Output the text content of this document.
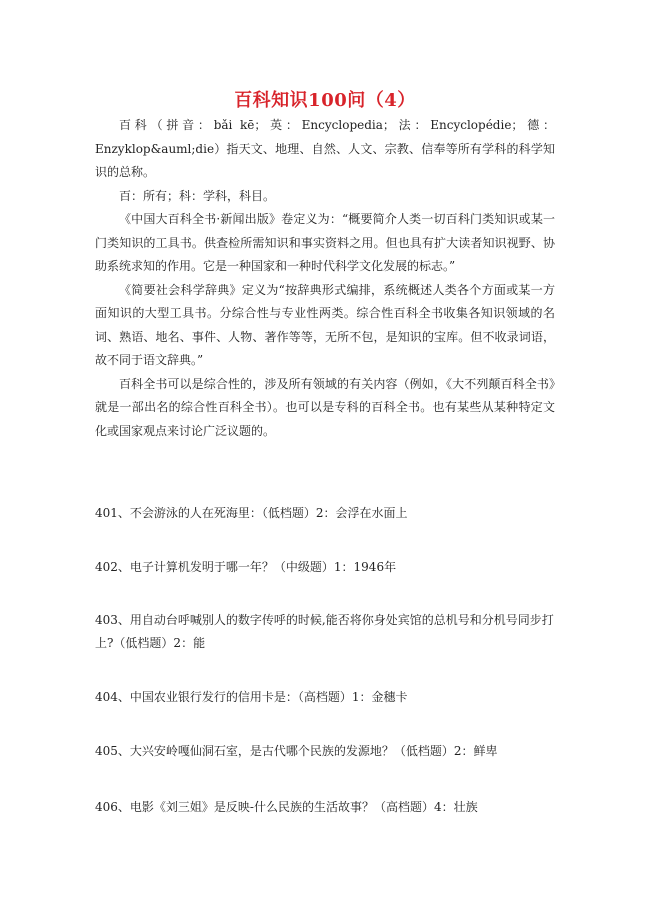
百科知识100问（4）

百科（拼音：bǎi kē；英：Encyclopedia；法：Encyclopédie；德：

Enzyklop&auml;die）指天文、地理、自然、人文、宗教、信奉等所有学科的科学知识的总称。

百：所有；科：学科，科目。

《中国大百科全书·新闻出版》卷定义为：“概要简介人类一切百科门类知识或某一门类知识的工具书。供查检所需知识和事实资料之用。但也具有扩大读者知识视野、协助系统求知的作用。它是一种国家和一种时代科学文化发展的标志。”

《简要社会科学辞典》定义为“按辞典形式编排，系统概述人类各个方面或某一方面知识的大型工具书。分综合性与专业性两类。综合性百科全书收集各知识领域的名词、熟语、地名、事件、人物、著作等等，无所不包，是知识的宝库。但不收录词语，故不同于语文辞典。”

百科全书可以是综合性的，涉及所有领域的有关内容（例如，《大不列颠百科全书》就是一部出名的综合性百科全书）。也可以是专科的百科全书。也有某些从某种特定文化或国家观点来讨论广泛议题的。

401、不会游泳的人在死海里：（低档题）2：会浮在水面上
402、电子计算机发明于哪一年？（中级题）1：1946年
403、用自动台呼喊别人的数字传呼的时候,能否将你身处宾馆的总机号和分机号同步打上?（低档题）2：能
404、中国农业银行发行的信用卡是：（高档题）1：金穗卡
405、大兴安岭嘎仙洞石室，是古代哪个民族的发源地？（低档题）2：鲜卑
406、电影《刘三姐》是反映-什么民族的生活故事？（高档题）4：壮族
